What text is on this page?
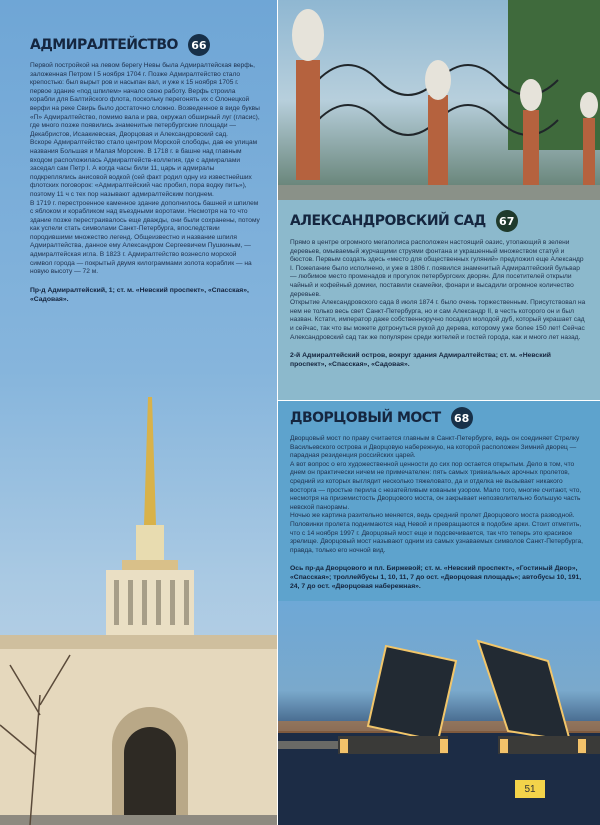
АДМИРАЛТЕЙСТВО	66

Первой постройкой на левом берегу Невы была Адмиралтейская верфь, заложенная Петром I 5 ноября 1704 г. Позже Адмиралтейство стало крепостью: был вырыт ров и насыпан вал, и уже к 15 ноября 1705 г. первое здание «под шпилем» начало свою работу. Верфь строила корабли для Балтийского флота, поскольку перегонять их с Олонецкой верфи на реке Свирь было достаточно сложно. Возведенное в виде буквы «П» Адмиралтейство, помимо вала и рва, окружал обширный луг (гласис), где много позже появились знаменитые петербургские площади — Декабристов, Исаакиевская, Дворцовая и Александровский сад.

Вскоре Адмиралтейство стало центром Морской слободы, дав ее улицам названия Большая и Малая Морские. В 1718 г. в башне над главным входом расположилась Адмиралтейств-коллегия, где с адмиралами заседал сам Петр I. А когда часы били 11, царь и адмиралы подкреплялись анисовой водкой (сей факт родил одну из известнейших флотских поговорок: «Адмиралтейский час пробил, пора водку пить»), поэтому 11 ч с тех пор называют адмиралтейским полднем.

В 1719 г. перестроенное каменное здание дополнилось башней и шпилем с яблоком и корабликом над въездными воротами. Несмотря на то что здание позже перестраивалось еще дважды, они были сохранены, потому как успели стать символами Санкт-Петербурга, впоследствии породившими множество легенд. Общеизвестно и название шпиля Адмиралтейства, данное ему Александром Сергеевичем Пушкиным, — адмиралтейская игла. В 1823 г. Адмиралтейство вознесло морской символ города — покрытый двумя килограммами золота кораблик — на новую высоту — 72 м.

Пр-д Адмиралтейский, 1; ст. м. «Невский проспект», «Спасская», «Садовая».
АЛЕКСАНДРОВСКИЙ САД	67

Прямо в центре огромного мегаполиса расположен настоящий оазис, утопающий в зелени деревьев, омываемый журчащими струями фонтана и украшенный множеством статуй и бюстов. Первым создать здесь «место для общественных гуляний» предложил еще Александр I. Пожелание было исполнено, и уже в 1806 г. появился знаменитый Адмиралтейский бульвар — любимое место променадов и прогулок петербургских дворян. Для посетителей открыли чайный и кофейный домики, поставили скамейки, фонари и высадили огромное количество деревьев.

Открытие Александровского сада 8 июля 1874 г. было очень торжественным. Присутствовал на нем не только весь свет Санкт-Петербурга, но и сам Александр II, в честь которого он и был назван. Кстати, император даже собственноручно посадил молодой дуб, который украшает сад и сейчас, так что вы можете дотронуться рукой до дерева, которому уже более 150 лет! Сейчас Александровский сад так же популярен среди жителей и гостей города, как и много лет назад.

2-й Адмиралтейский остров, вокруг здания Адмиралтейства; ст. м. «Невский проспект», «Спасская», «Садовая».
ДВОРЦОВЫЙ МОСТ	68

Дворцовый мост по праву считается главным в Санкт-Петербурге, ведь он соединяет Стрелку Васильевского острова и Дворцовую набережную, на которой расположен Зимний дворец — парадная резиденция российских царей.

А вот вопрос о его художественной ценности до сих пор остается открытым. Дело в том, что днем он практически ничем не примечателен: пять самых тривиальных арочных пролетов, средний из которых выглядит несколько тяжеловато, да и отделка не вызывает никакого восторга — простые перила с незатейливым кованым узором. Мало того, многие считают, что, несмотря на приземистость Дворцового моста, он закрывает непозволительно большую часть невской панорамы.

Ночью же картина разительно меняется, ведь средний пролет Дворцового моста разводной. Половинки пролета поднимаются над Невой и превращаются в подобие арки. Стоит отметить, что с 14 ноября 1997 г. Дворцовый мост еще и подсвечивается, так что теперь это красивое зрелище. Дворцовый мост называют одним из самых узнаваемых символов Санкт-Петербурга, правда, только его ночной вид.

Ось пр-да Дворцового и пл. Биржевой; ст. м. «Невский проспект», «Гостиный Двор», «Спасская»; троллейбусы 1, 10, 11, 7 до ост. «Дворцовая площадь»; автобусы 10, 191, 24, 7 до ост. «Дворцовая набережная».
51
